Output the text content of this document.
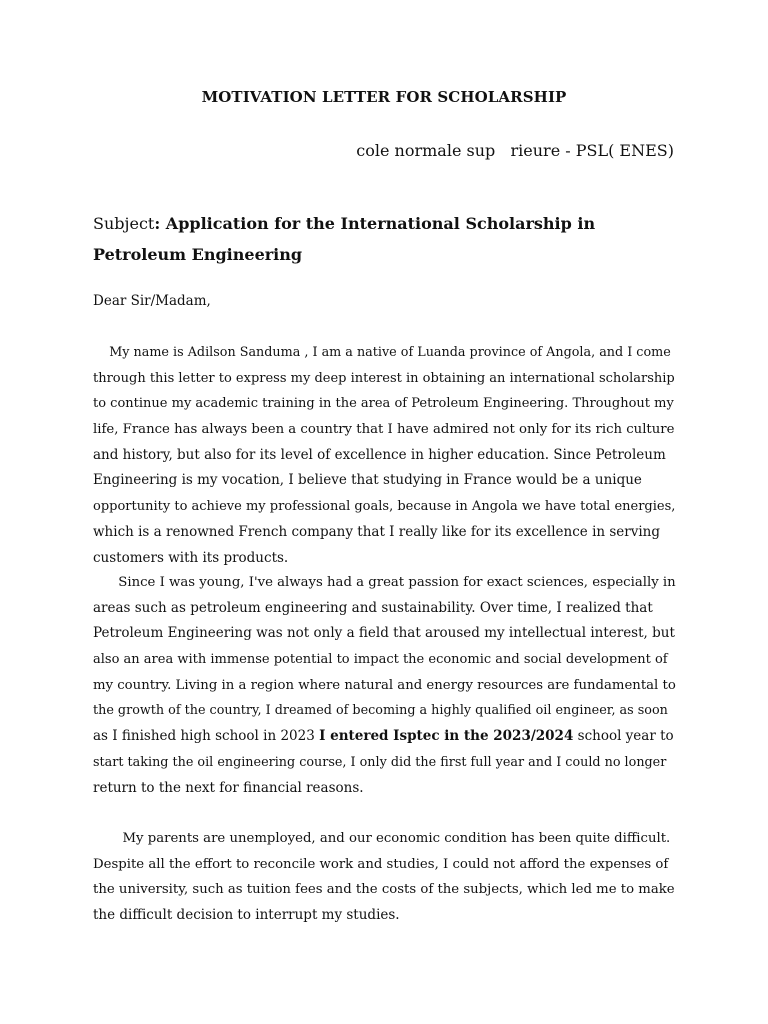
MOTIVATION LETTER FOR SCHOLARSHIP
cole normale sup   rieure - PSL( ENES)
Subject: Application for the International Scholarship in Petroleum Engineering
Dear Sir/Madam,
My name is Adilson Sanduma , I am a native of Luanda province of Angola, and I come
through this letter to express my deep interest in obtaining an international scholarship
to continue my academic training in the area of Petroleum Engineering. Throughout my
life, France has always been a country that I have admired not only for its rich culture
and history, but also for its level of excellence in higher education. Since Petroleum
Engineering is my vocation, I believe that studying in France would be a unique
opportunity to achieve my professional goals, because in Angola we have total energies,
which is a renowned French company that I really like for its excellence in serving
customers with its products.
Since I was young, I've always had a great passion for exact sciences, especially in
areas such as petroleum engineering and sustainability. Over time, I realized that
Petroleum Engineering was not only a field that aroused my intellectual interest, but
also an area with immense potential to impact the economic and social development of
my country. Living in a region where natural and energy resources are fundamental to
the growth of the country, I dreamed of becoming a highly qualified oil engineer, as soon
as I finished high school in 2023 I entered Isptec in the 2023/2024 school year to
start taking the oil engineering course, I only did the first full year and I could no longer
return to the next for financial reasons.
My parents are unemployed, and our economic condition has been quite difficult.
Despite all the effort to reconcile work and studies, I could not afford the expenses of
the university, such as tuition fees and the costs of the subjects, which led me to make
the difficult decision to interrupt my studies.
